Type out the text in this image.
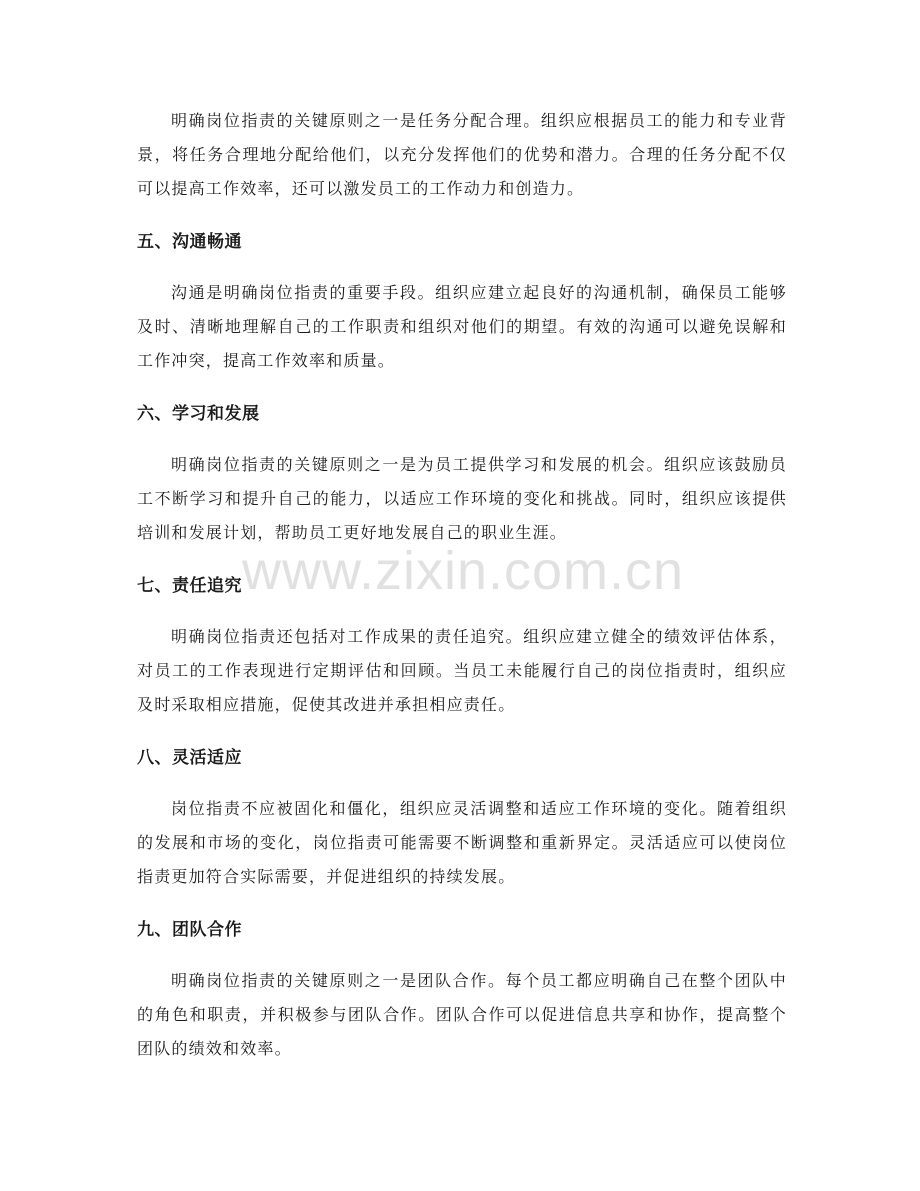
明确岗位指责的关键原则之一是任务分配合理。组织应根据员工的能力和专业背景，将任务合理地分配给他们，以充分发挥他们的优势和潜力。合理的任务分配不仅可以提高工作效率，还可以激发员工的工作动力和创造力。

五、沟通畅通

沟通是明确岗位指责的重要手段。组织应建立起良好的沟通机制，确保员工能够及时、清晰地理解自己的工作职责和组织对他们的期望。有效的沟通可以避免误解和工作冲突，提高工作效率和质量。

六、学习和发展

明确岗位指责的关键原则之一是为员工提供学习和发展的机会。组织应该鼓励员工不断学习和提升自己的能力，以适应工作环境的变化和挑战。同时，组织应该提供培训和发展计划，帮助员工更好地发展自己的职业生涯。

七、责任追究

明确岗位指责还包括对工作成果的责任追究。组织应建立健全的绩效评估体系，对员工的工作表现进行定期评估和回顾。当员工未能履行自己的岗位指责时，组织应及时采取相应措施，促使其改进并承担相应责任。

八、灵活适应

岗位指责不应被固化和僵化，组织应灵活调整和适应工作环境的变化。随着组织的发展和市场的变化，岗位指责可能需要不断调整和重新界定。灵活适应可以使岗位指责更加符合实际需要，并促进组织的持续发展。

九、团队合作

明确岗位指责的关键原则之一是团队合作。每个员工都应明确自己在整个团队中的角色和职责，并积极参与团队合作。团队合作可以促进信息共享和协作，提高整个团队的绩效和效率。

www.zixin.com.cn
